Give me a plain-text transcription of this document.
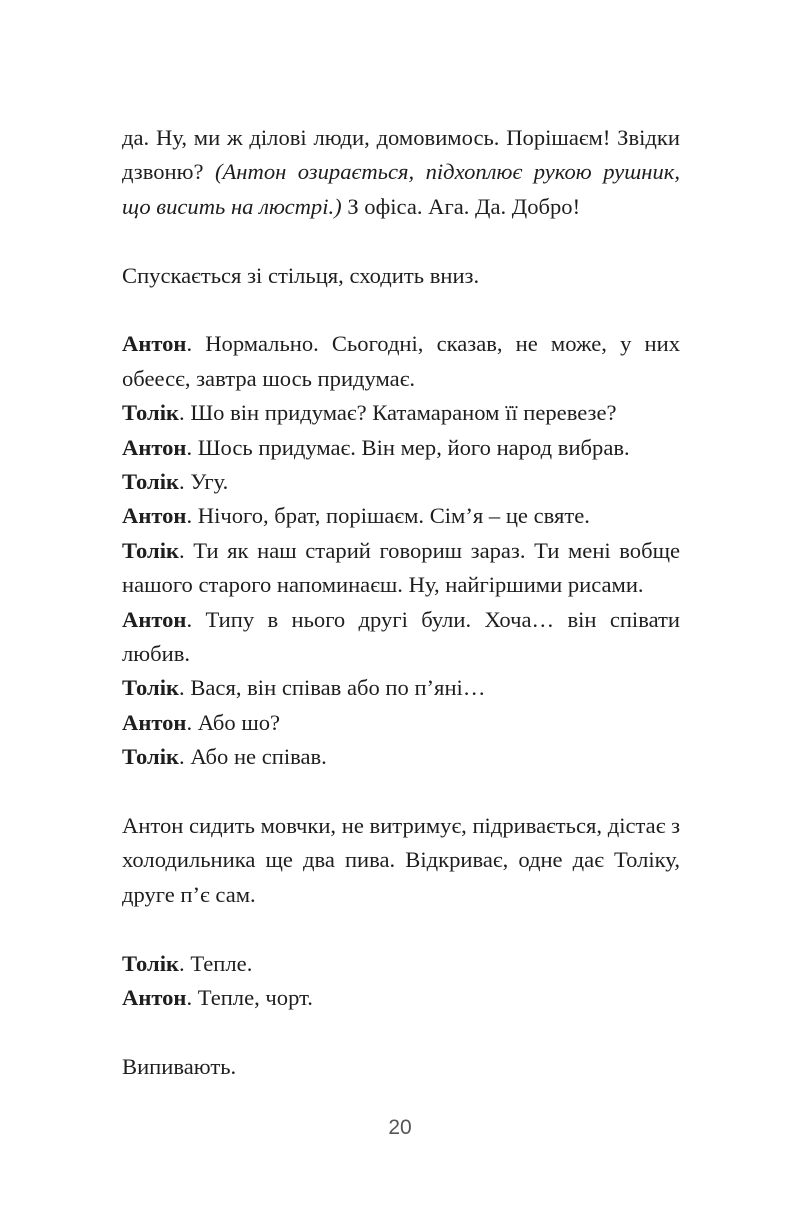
да. Ну, ми ж ділові люди, домовимось. Порішаєм! Звідки дзвоню? (Антон озирається, підхоплює рукою рушник, що висить на люстрі.) З офіса. Ага. Да. Добро!

Спускається зі стільця, сходить вниз.

Антон. Нормально. Сьогодні, сказав, не може, у них обеесє, завтра шось придумає.

Толік. Шо він придумає? Катамараном її перевезе?

Антон. Шось придумає. Він мер, його народ вибрав.

Толік. Угу.

Антон. Нічого, брат, порішаєм. Сім’я – це святе.

Толік. Ти як наш старий говориш зараз. Ти мені вобще нашого старого напоминаєш. Ну, найгіршими рисами.

Антон. Типу в нього другі були. Хоча… він співати любив.

Толік. Вася, він співав або по п’яні…

Антон. Або шо?

Толік. Або не співав.

Антон сидить мовчки, не витримує, підривається, дістає з холодильника ще два пива. Відкриває, одне дає Толіку, друге п’є сам.

Толік. Тепле.

Антон. Тепле, чорт.

Випивають.

20
